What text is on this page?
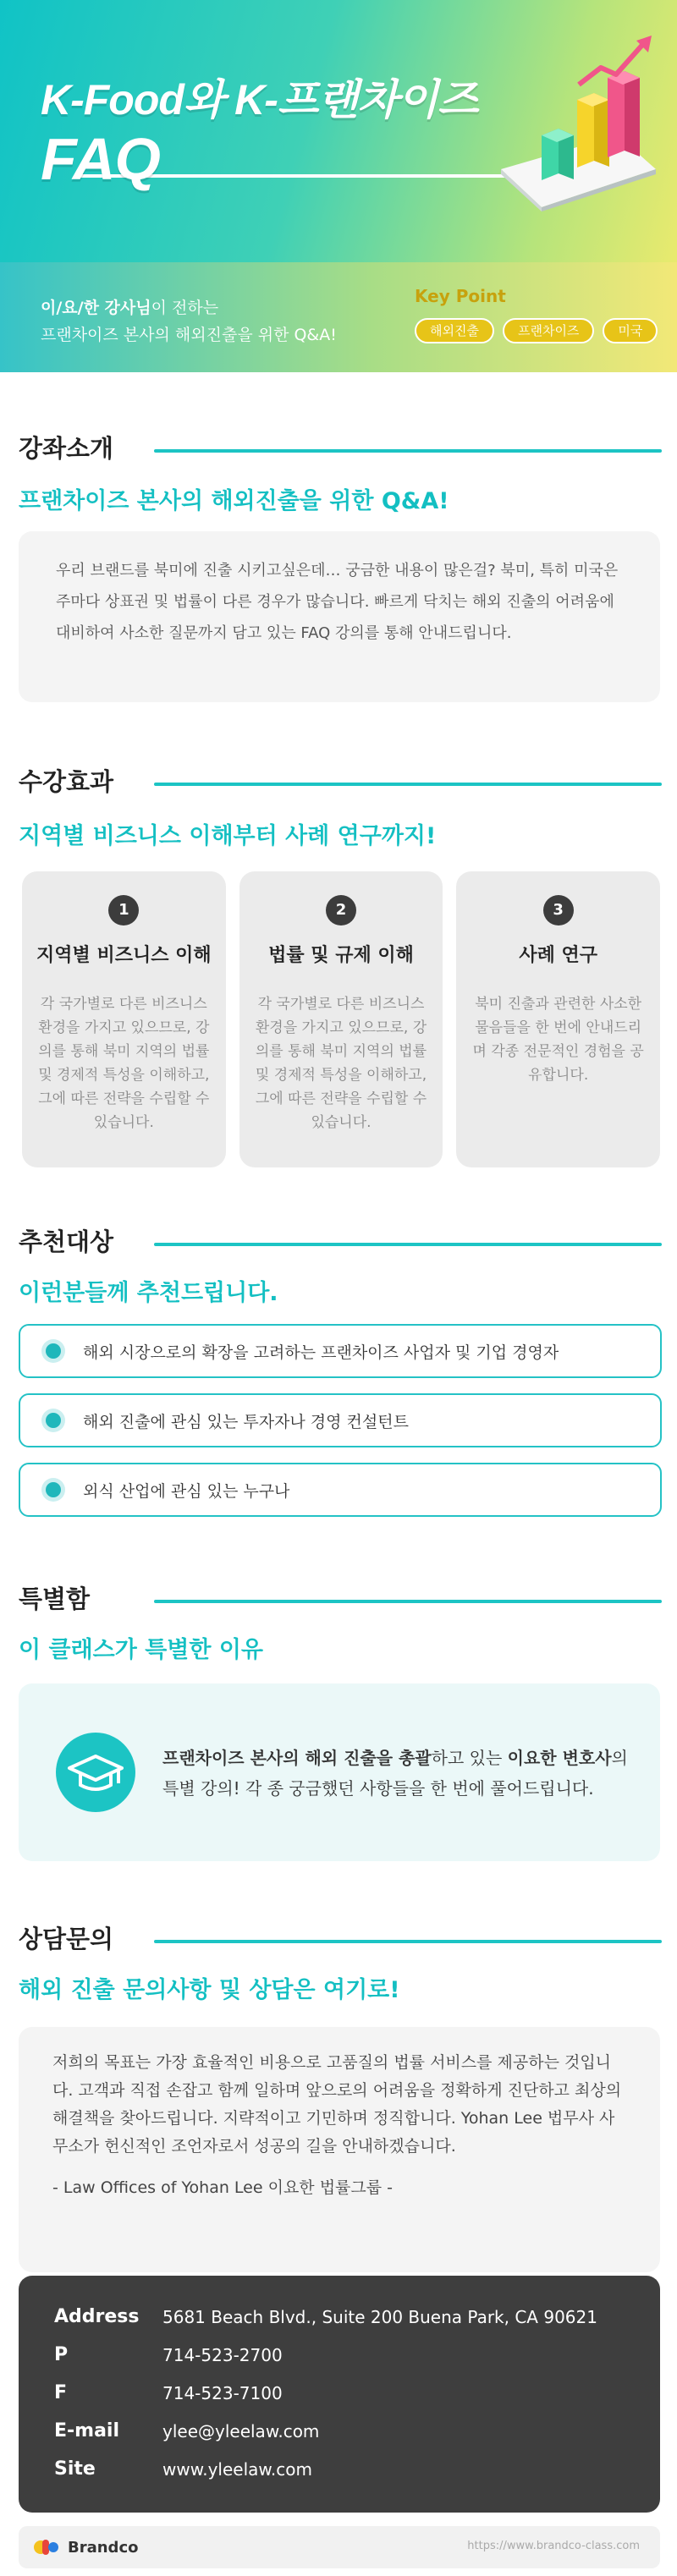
K-Food와 K-프랜차이즈
FAQ
이/요/한 강사님이 전하는
프랜차이즈 본사의 해외진출을 위한 Q&A!
Key Point
해외진출	프랜차이즈	미국
강좌소개
프랜차이즈 본사의 해외진출을 위한 Q&A!
우리 브랜드를 북미에 진출 시키고싶은데… 궁금한 내용이 많은걸? 북미, 특히 미국은 주마다 상표권 및 법률이 다른 경우가 많습니다. 빠르게 닥치는 해외 진출의 어려움에 대비하여 사소한 질문까지 담고 있는 FAQ 강의를 통해 안내드립니다.
수강효과
지역별 비즈니스 이해부터 사례 연구까지!
1
지역별 비즈니스 이해
각 국가별로 다른 비즈니스 환경을 가지고 있으므로, 강의를 통해 북미 지역의 법률 및 경제적 특성을 이해하고, 그에 따른 전략을 수립할 수 있습니다.
2
법률 및 규제 이해
각 국가별로 다른 비즈니스 환경을 가지고 있으므로, 강의를 통해 북미 지역의 법률 및 경제적 특성을 이해하고, 그에 따른 전략을 수립할 수 있습니다.
3
사례 연구
북미 진출과 관련한 사소한 물음들을 한 번에 안내드리며 각종 전문적인 경험을 공유합니다.
추천대상
이런분들께 추천드립니다.
해외 시장으로의 확장을 고려하는 프랜차이즈 사업자 및 기업 경영자
해외 진출에 관심 있는 투자자나 경영 컨설턴트
외식 산업에 관심 있는 누구나
특별함
이 클래스가 특별한 이유
프랜차이즈 본사의 해외 진출을 총괄하고 있는 이요한 변호사의 특별 강의! 각 종 궁금했던 사항들을 한 번에 풀어드립니다.
상담문의
해외 진출 문의사항 및 상담은 여기로!
저희의 목표는 가장 효율적인 비용으로 고품질의 법률 서비스를 제공하는 것입니다. 고객과 직접 손잡고 함께 일하며 앞으로의 어려움을 정확하게 진단하고 최상의 해결책을 찾아드립니다. 지략적이고 기민하며 정직합니다. Yohan Lee 법무사 사무소가 헌신적인 조언자로서 성공의 길을 안내하겠습니다.
- Law Offices of Yohan Lee 이요한 법률그룹 -
Address	5681 Beach Blvd., Suite 200 Buena Park, CA 90621
P	714-523-2700
F	714-523-7100
E-mail	ylee@yleelaw.com
Site	www.yleelaw.com
Brandco	https://www.brandco-class.com
